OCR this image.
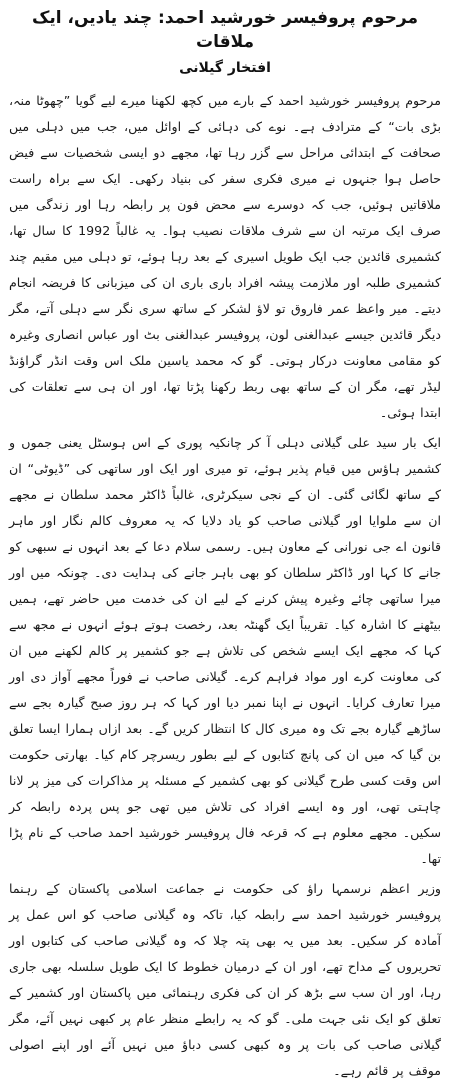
مرحوم پروفیسر خورشید احمد: چند یادیں، ایک ملاقات
افتخار گیلانی

مرحوم پروفیسر خورشید احمد کے بارے میں کچھ لکھنا میرے لیے گویا ”چھوٹا منہ، بڑی بات“ کے مترادف ہے۔ نوے کی دہائی کے اوائل میں، جب میں دہلی میں صحافت کے ابتدائی مراحل سے گزر رہا تھا، مجھے دو ایسی شخصیات سے فیض حاصل ہوا جنہوں نے میری فکری سفر کی بنیاد رکھی۔ ایک سے براہ راست ملاقاتیں ہوئیں، جب کہ دوسرے سے محض فون پر رابطہ رہا اور زندگی میں صرف ایک مرتبہ ان سے شرف ملاقات نصیب ہوا۔ یہ غالباً 1992 کا سال تھا، کشمیری قائدین جب ایک طویل اسیری کے بعد رہا ہوئے، تو دہلی میں مقیم چند کشمیری طلبہ اور ملازمت پیشہ افراد باری باری ان کی میزبانی کا فریضہ انجام دیتے۔ میر واعظ عمر فاروق تو لاؤ لشکر کے ساتھ سری نگر سے دہلی آتے، مگر دیگر قائدین جیسے عبدالغنی لون، پروفیسر عبدالغنی بٹ اور عباس انصاری وغیرہ کو مقامی معاونت درکار ہوتی۔ گو کہ محمد یاسین ملک اس وقت انڈر گراؤنڈ لیڈر تھے، مگر ان کے ساتھ بھی ربط رکھنا پڑتا تھا، اور ان ہی سے تعلقات کی ابتدا ہوئی۔

ایک بار سید علی گیلانی دہلی آ کر چانکیہ پوری کے اس ہوسٹل یعنی جموں و کشمیر ہاؤس میں قیام پذیر ہوئے، تو میری اور ایک اور ساتھی کی ”ڈیوٹی“ ان کے ساتھ لگائی گئی۔ ان کے نجی سیکرٹری، غالباً ڈاکٹر محمد سلطان نے مجھے ان سے ملوایا اور گیلانی صاحب کو یاد دلایا کہ یہ معروف کالم نگار اور ماہر قانون اے جی نورانی کے معاون ہیں۔ رسمی سلام دعا کے بعد انہوں نے سبھی کو جانے کا کہا اور ڈاکٹر سلطان کو بھی باہر جانے کی ہدایت دی۔ چونکہ میں اور میرا ساتھی چائے وغیرہ پیش کرنے کے لیے ان کی خدمت میں حاضر تھے، ہمیں بیٹھنے کا اشارہ کیا۔ تقریباً ایک گھنٹہ بعد، رخصت ہوتے ہوئے انہوں نے مجھ سے کہا کہ مجھے ایک ایسے شخص کی تلاش ہے جو کشمیر پر کالم لکھنے میں ان کی معاونت کرے اور مواد فراہم کرے۔ گیلانی صاحب نے فوراً مجھے آواز دی اور میرا تعارف کرایا۔ انہوں نے اپنا نمبر دیا اور کہا کہ ہر روز صبح گیارہ بجے سے ساڑھے گیارہ بجے تک وہ میری کال کا انتظار کریں گے۔ بعد ازاں ہمارا ایسا تعلق بن گیا کہ میں ان کی پانچ کتابوں کے لیے بطور ریسرچر کام کیا۔ بھارتی حکومت اس وقت کسی طرح گیلانی کو بھی کشمیر کے مسئلہ پر مذاکرات کی میز پر لانا چاہتی تھی، اور وہ ایسے افراد کی تلاش میں تھی جو پس پردہ رابطہ کر سکیں۔ مجھے معلوم ہے کہ قرعہ فال پروفیسر خورشید احمد صاحب کے نام پڑا تھا۔

وزیر اعظم نرسمہا راؤ کی حکومت نے جماعت اسلامی پاکستان کے رہنما پروفیسر خورشید احمد سے رابطہ کیا، تاکہ وہ گیلانی صاحب کو اس عمل پر آمادہ کر سکیں۔ بعد میں یہ بھی پتہ چلا کہ وہ گیلانی صاحب کی کتابوں اور تحریروں کے مداح تھے، اور ان کے درمیان خطوط کا ایک طویل سلسلہ بھی جاری رہا، اور ان سب سے بڑھ کر ان کی فکری رہنمائی میں پاکستان اور کشمیر کے تعلق کو ایک نئی جہت ملی۔ گو کہ یہ رابطے منظر عام پر کبھی نہیں آئے، مگر گیلانی صاحب کی بات پر وہ کبھی کسی دباؤ میں نہیں آئے اور اپنے اصولی موقف پر قائم رہے۔
